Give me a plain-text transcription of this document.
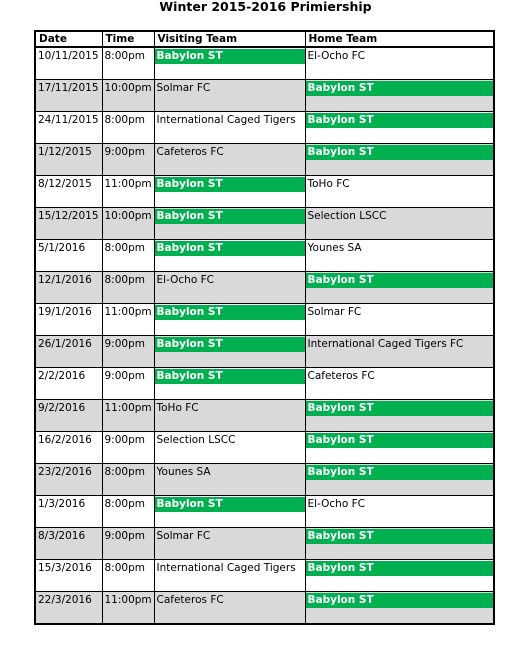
Winter 2015-2016 Primiership
Date	Time	Visiting Team	Home Team

10/11/2015	8:00pm	Babylon ST	El-Ocho FC

17/11/2015	10:00pm	Solmar FC	Babylon ST

24/11/2015	8:00pm	International Caged Tigers	Babylon ST

1/12/2015	9:00pm	Cafeteros FC	Babylon ST

8/12/2015	11:00pm	Babylon ST	ToHo FC

15/12/2015	10:00pm	Babylon ST	Selection LSCC

5/1/2016	8:00pm	Babylon ST	Younes SA

12/1/2016	8:00pm	El-Ocho FC	Babylon ST

19/1/2016	11:00pm	Babylon ST	Solmar FC

26/1/2016	9:00pm	Babylon ST	International Caged Tigers FC

2/2/2016	9:00pm	Babylon ST	Cafeteros FC

9/2/2016	11:00pm	ToHo FC	Babylon ST

16/2/2016	9:00pm	Selection LSCC	Babylon ST

23/2/2016	8:00pm	Younes SA	Babylon ST

1/3/2016	8:00pm	Babylon ST	El-Ocho FC

8/3/2016	9:00pm	Solmar FC	Babylon ST

15/3/2016	8:00pm	International Caged Tigers	Babylon ST

22/3/2016	11:00pm	Cafeteros FC	Babylon ST
